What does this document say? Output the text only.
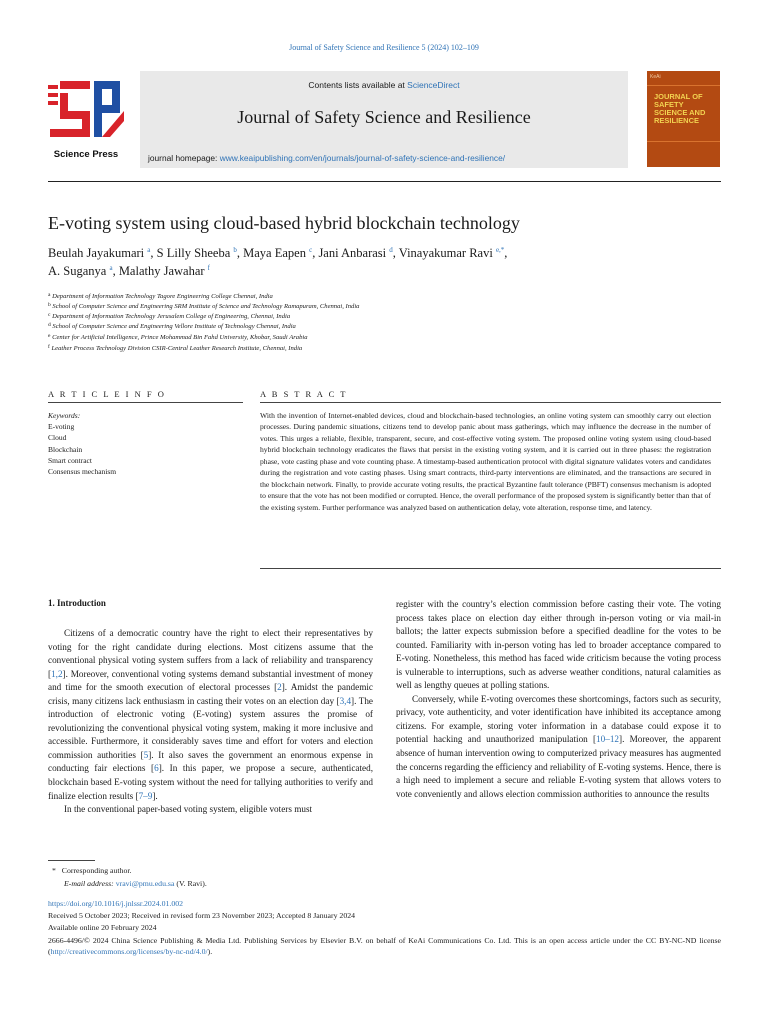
Journal of Safety Science and Resilience 5 (2024) 102–109
Science Press
Contents lists available at ScienceDirect
Journal of Safety Science and Resilience
journal homepage: www.keaipublishing.com/en/journals/journal-of-safety-science-and-resilience/
KeAi
JOURNAL OF SAFETY SCIENCE AND RESILIENCE
E-voting system using cloud-based hybrid blockchain technology
Beulah Jayakumari $^a$, S Lilly Sheeba $^b$, Maya Eapen $^c$, Jani Anbarasi $^d$, Vinayakumar Ravi $^{e,*}$,
A. Suganya $^a$, Malathy Jawahar $^f$
$^a$ Department of Information Technology Tagore Engineering College Chennai, India
$^b$ School of Computer Science and Engineering SRM Institute of Science and Technology Ramapuram, Chennai, India
$^c$ Department of Information Technology Jerusalem College of Engineering, Chennai, India
$^d$ School of Computer Science and Engineering Vellore Institute of Technology Chennai, India
$^e$ Center for Artificial Intelligence, Prince Mohammad Bin Fahd University, Khobar, Saudi Arabia
$^f$ Leather Process Technology Division CSIR-Central Leather Research Institute, Chennai, India
A R T I C L E I N F O	A B S T R A C T
Keywords:
E-voting
Cloud
Blockchain
Smart contract
Consensus mechanism
With the invention of Internet-enabled devices, cloud and blockchain-based technologies, an online voting system can smoothly carry out election processes. During pandemic situations, citizens tend to develop panic about mass gatherings, which may influence the decrease in the number of votes. This urges a reliable, flexible, transparent, secure, and cost-effective voting system. The proposed online voting system using cloud-based hybrid blockchain technology eradicates the flaws that persist in the existing voting system, and it is carried out in three phases: the registration phase, vote casting phase and vote counting phase. A timestamp-based authentication protocol with digital signature validates voters and candidates during the registration and vote casting phases. Using smart contracts, third-party interventions are eliminated, and the transactions are secured in the blockchain network. Finally, to provide accurate voting results, the practical Byzantine fault tolerance (PBFT) consensus mechanism is adopted to ensure that the vote has not been modified or corrupted. Hence, the overall performance of the proposed system is significantly better than that of the existing system. Further performance was analyzed based on authentication delay, vote alteration, response time, and latency.
1. Introduction

Citizens of a democratic country have the right to elect their representatives by voting for the right candidate during elections. Most citizens assume that the conventional physical voting system suffers from a lack of reliability and transparency [1,2]. Moreover, conventional voting systems demand substantial investment of money and time for the smooth execution of electoral processes [2]. Amidst the pandemic crisis, many citizens lack enthusiasm in casting their votes on an election day [3,4]. The introduction of electronic voting (E-voting) system assures the promise of revolutionizing the conventional physical voting system, making it more inclusive and accessible. Furthermore, it considerably saves time and effort for voters and election commission authorities [5]. It also saves the government an enormous expense in conducting fair elections [6]. In this paper, we propose a secure, authenticated, blockchain based E-voting system without the need for tallying authorities to verify and finalize election results [7–9].

In the conventional paper-based voting system, eligible voters must

register with the country’s election commission before casting their vote. The voting process takes place on election day either through in-person voting or via mail-in ballots; the latter expects submission before a specified deadline for the votes to be counted. Familiarity with in-person voting has led to broader acceptance compared to E-voting. Nonetheless, this method has faced wide criticism because the voting process is vulnerable to interruptions, such as adverse weather conditions, natural calamities as well as lengthy queues at polling stations.

Conversely, while E-voting overcomes these shortcomings, factors such as security, privacy, vote authenticity, and voter identification have inhibited its acceptance among citizens. For example, storing voter information in a database could expose it to potential hacking and unauthorized manipulation [10–12]. Moreover, the apparent absence of human intervention owing to computerized privacy measures has augmented the concerns regarding the efficiency and reliability of E-voting systems. Hence, there is a high need to implement a secure and reliable E-voting system that allows voters to vote conveniently and allows election commission authorities to announce the results

* Corresponding author.
E-mail address: vravi@pmu.edu.sa (V. Ravi).
https://doi.org/10.1016/j.jnlssr.2024.01.002
Received 5 October 2023; Received in revised form 23 November 2023; Accepted 8 January 2024
Available online 20 February 2024
2666-4496/© 2024 China Science Publishing & Media Ltd. Publishing Services by Elsevier B.V. on behalf of KeAi Communications Co. Ltd. This is an open access article under the CC BY-NC-ND license (http://creativecommons.org/licenses/by-nc-nd/4.0/).
